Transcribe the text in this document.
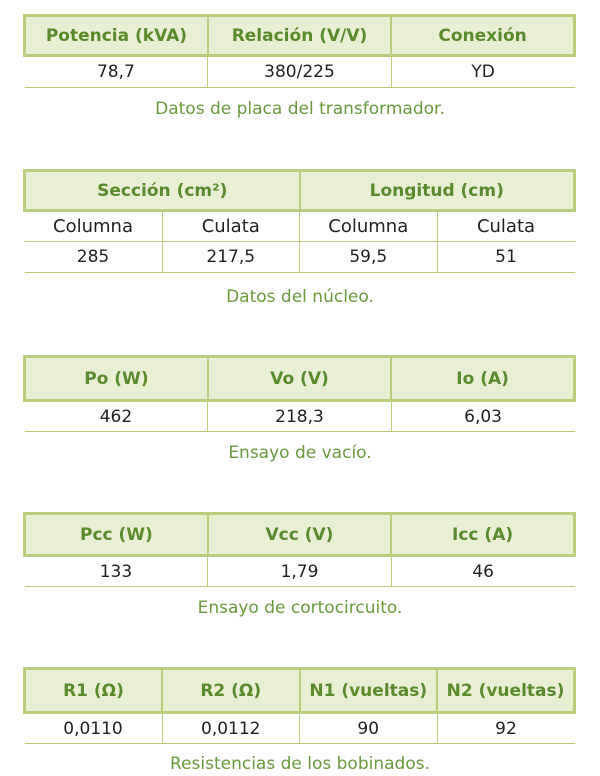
Potencia (kVA)	Relación (V/V)	Conexión
78,7	380/225	YD
Datos de placa del transformador.
Sección (cm²)		Longitud (cm)	
Columna	Culata	Columna	Culata
285	217,5	59,5	51
Datos del núcleo.
Po (W)	Vo (V)	Io (A)
462	218,3	6,03
Ensayo de vacío.
Pcc (W)	Vcc (V)	Icc (A)
133	1,79	46
Ensayo de cortocircuito.
R1 (Ω)	R2 (Ω)	N1 (vueltas)	N2 (vueltas)
0,0110	0,0112	90	92
Resistencias de los bobinados.
